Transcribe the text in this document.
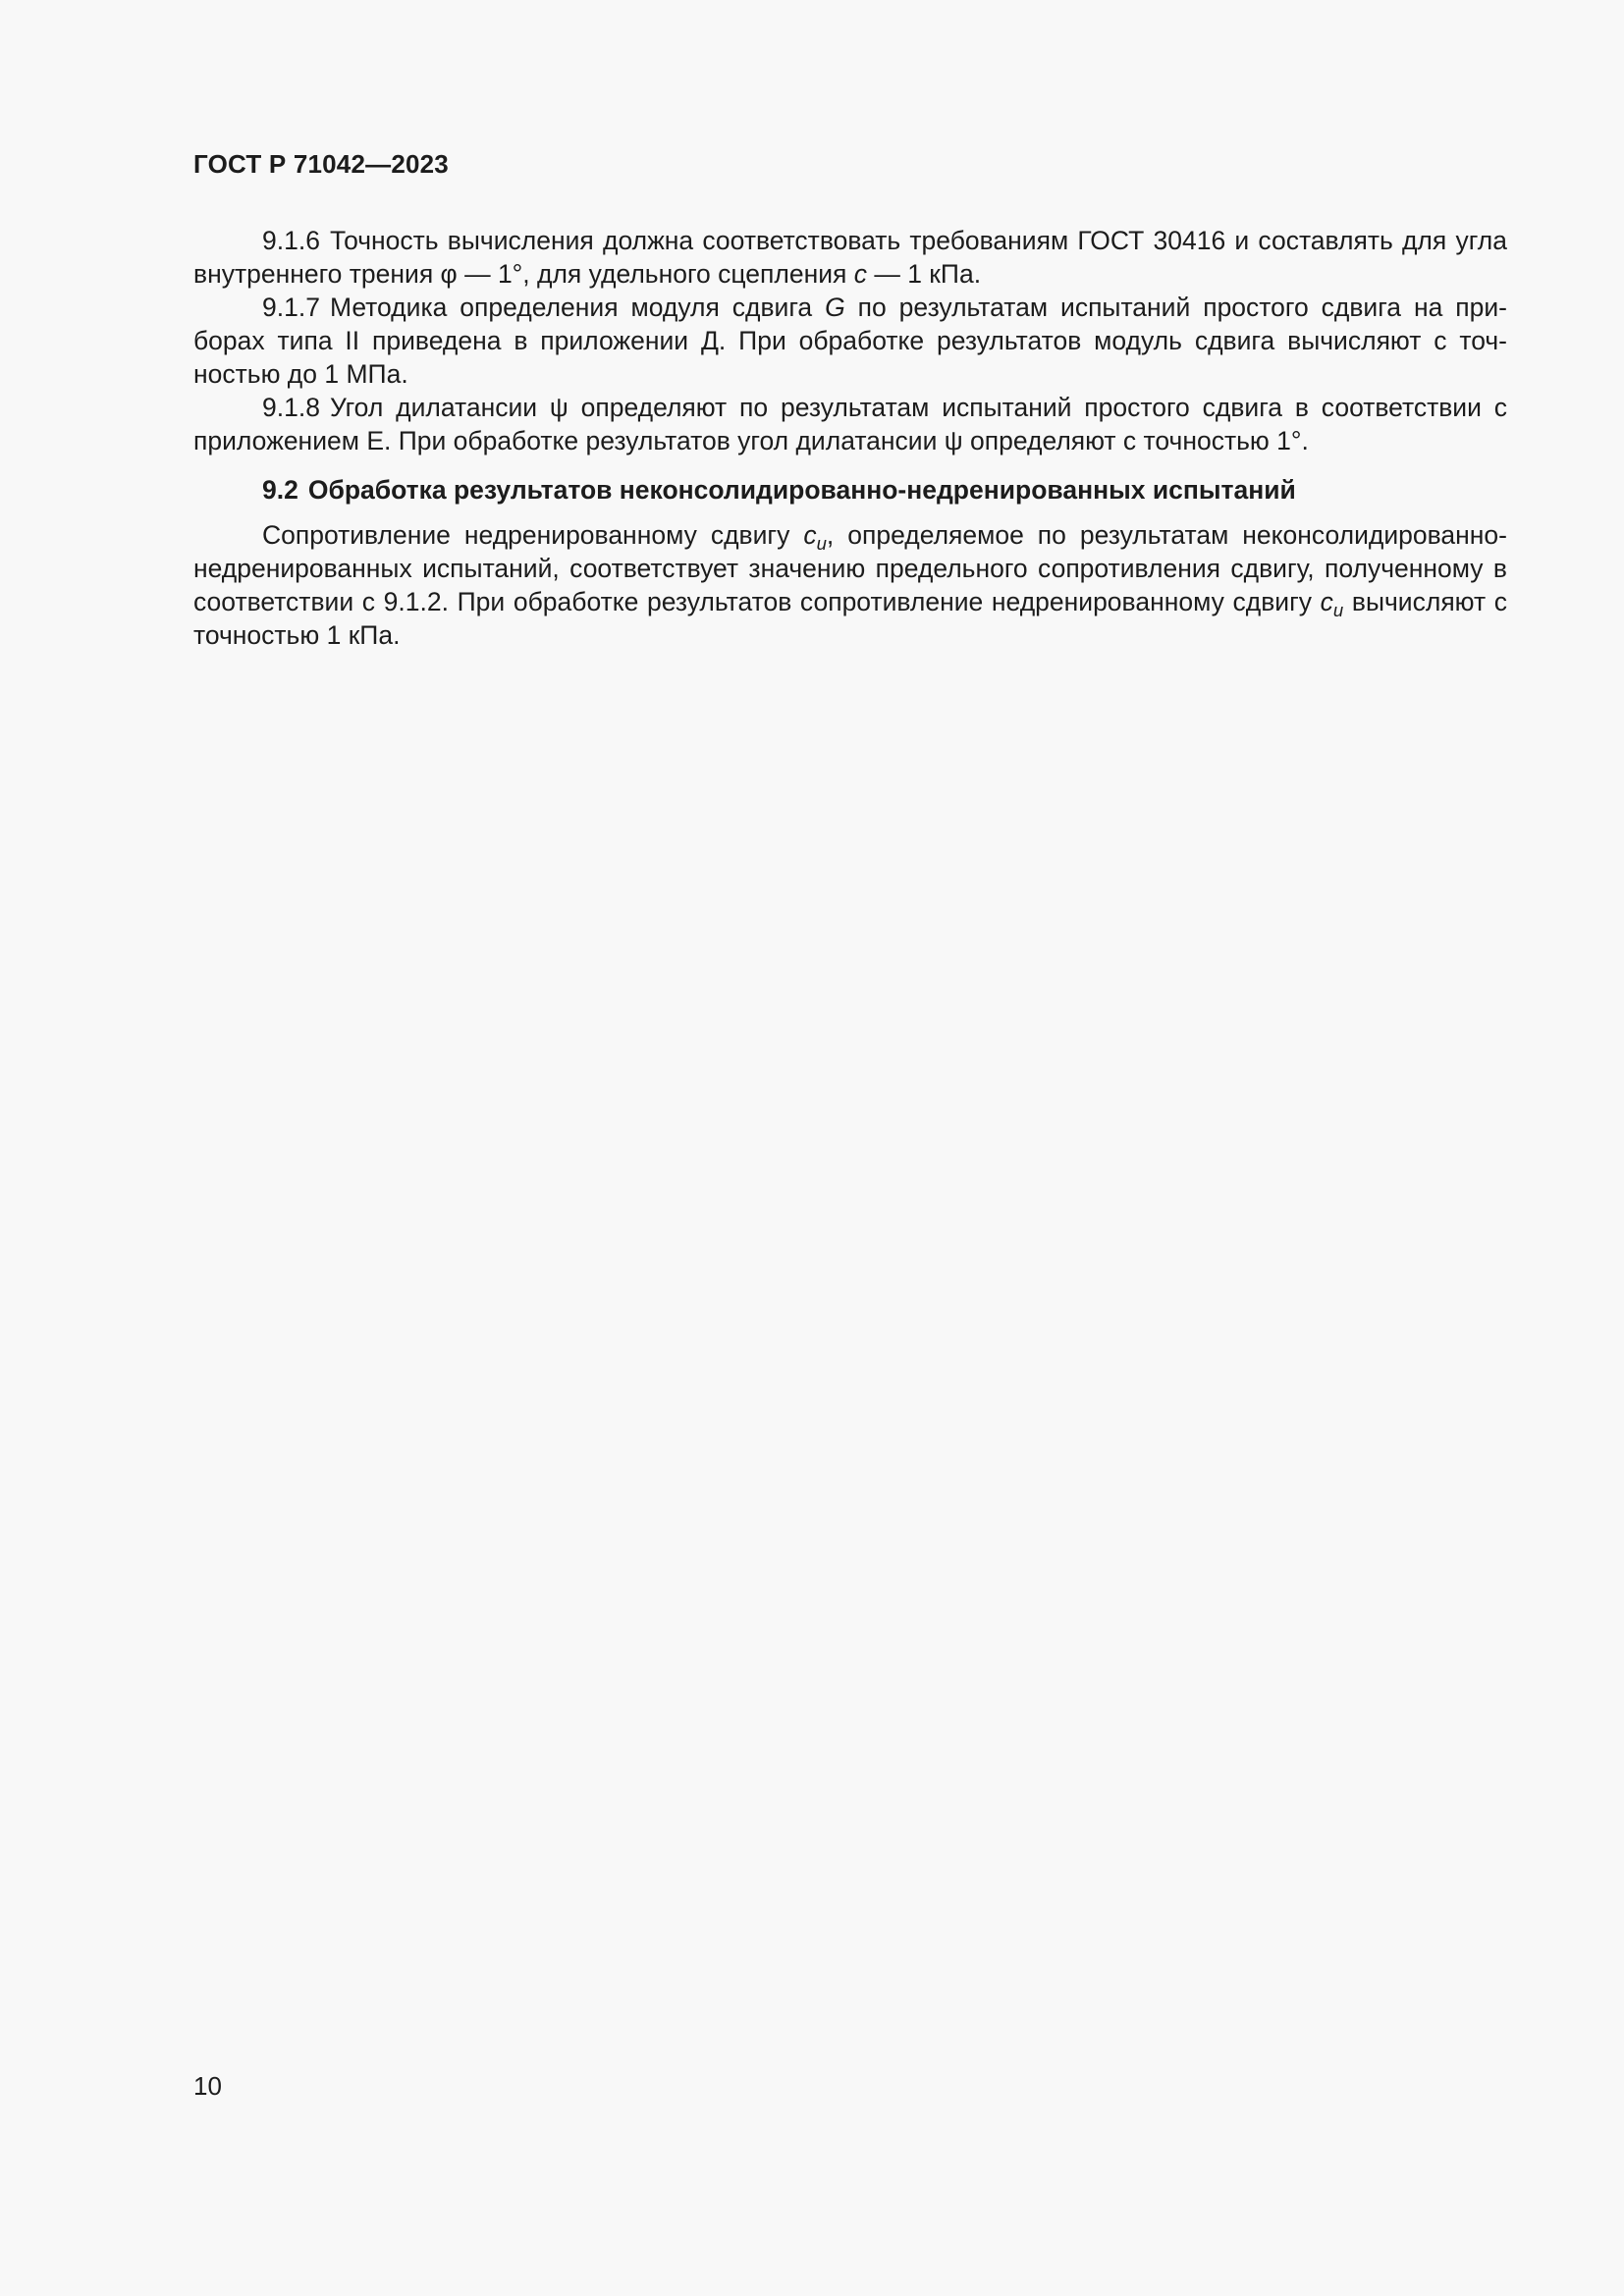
ГОСТ Р 71042—2023

9.1.6 Точность вычисления должна соответствовать требованиям ГОСТ 30416 и составлять для угла внутреннего трения φ — 1°, для удельного сцепления c — 1 кПа.

9.1.7 Методика определения модуля сдвига G по результатам испытаний простого сдвига на приборах типа II приведена в приложении Д. При обработке результатов модуль сдвига вычисляют с точностью до 1 МПа.

9.1.8 Угол дилатансии ψ определяют по результатам испытаний простого сдвига в соответствии с приложением Е. При обработке результатов угол дилатансии ψ определяют с точностью 1°.

9.2 Обработка результатов неконсолидированно-недренированных испытаний

Сопротивление недренированному сдвигу $c_u$, определяемое по результатам неконсолидированно-недренированных испытаний, соответствует значению предельного сопротивления сдвигу, полученному в соответствии с 9.1.2. При обработке результатов сопротивление недренированному сдвигу $c_u$ вычисляют с точностью 1 кПа.

10
